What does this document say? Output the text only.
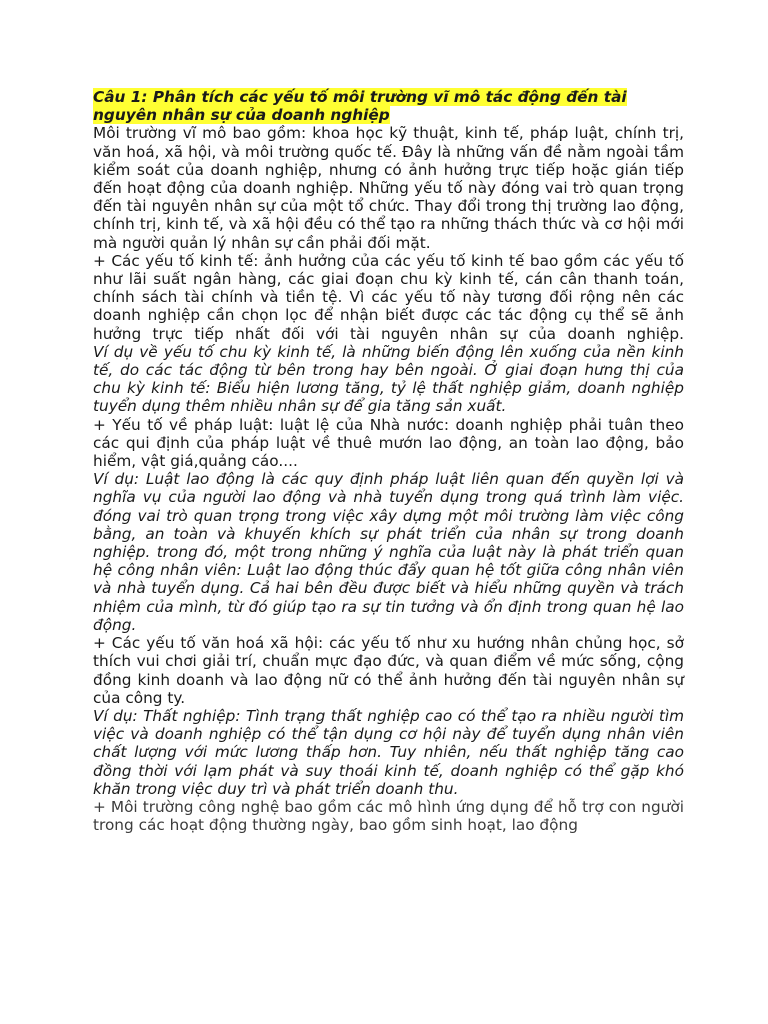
Câu 1: Phân tích các yếu tố môi trường vĩ mô tác động đến tài
nguyên nhân sự của doanh nghiệp

Môi trường vĩ mô bao gồm: khoa học kỹ thuật, kinh tế, pháp luật, chính trị, văn hoá, xã hội, và môi trường quốc tế. Đây là những vấn đề nằm ngoài tầm kiểm soát của doanh nghiệp, nhưng có ảnh hưởng trực tiếp hoặc gián tiếp đến hoạt động của doanh nghiệp. Những yếu tố này đóng vai trò quan trọng đến tài nguyên nhân sự của một tổ chức. Thay đổi trong thị trường lao động, chính trị, kinh tế, và xã hội đều có thể tạo ra những thách thức và cơ hội mới mà người quản lý nhân sự cần phải đối mặt.

+ Các yếu tố kinh tế: ảnh hưởng của các yếu tố kinh tế bao gồm các yếu tố như lãi suất ngân hàng, các giai đoạn chu kỳ kinh tế, cán cân thanh toán, chính sách tài chính và tiền tệ. Vì các yếu tố này tương đối rộng nên các doanh nghiệp cần chọn lọc để nhận biết được các tác động cụ thể sẽ ảnh hưởng trực tiếp nhất đối với tài nguyên nhân sự của doanh nghiệp.

Ví dụ về yếu tố chu kỳ kinh tế, là những biến động lên xuống của nền kinh tế, do các tác động từ bên trong hay bên ngoài. Ở giai đoạn hưng thị của chu kỳ kinh tế: Biểu hiện lương tăng, tỷ lệ thất nghiệp giảm, doanh nghiệp tuyển dụng thêm nhiều nhân sự để gia tăng sản xuất.

+ Yếu tố về pháp luật: luật lệ của Nhà nước: doanh nghiệp phải tuân theo các qui định của pháp luật về thuê mướn lao động, an toàn lao động, bảo hiểm, vật giá,quảng cáo....

Ví dụ: Luật lao động là các quy định pháp luật liên quan đến quyền lợi và nghĩa vụ của người lao động và nhà tuyển dụng trong quá trình làm việc. đóng vai trò quan trọng trong việc xây dựng một môi trường làm việc công bằng, an toàn và khuyến khích sự phát triển của nhân sự trong doanh nghiệp. trong đó, một trong những ý nghĩa của luật này là phát triển quan hệ công nhân viên: Luật lao động thúc đẩy quan hệ tốt giữa công nhân viên và nhà tuyển dụng. Cả hai bên đều được biết và hiểu những quyền và trách nhiệm của mình, từ đó giúp tạo ra sự tin tưởng và ổn định trong quan hệ lao động.

+ Các yếu tố văn hoá xã hội: các yếu tố như xu hướng nhân chủng học, sở thích vui chơi giải trí, chuẩn mực đạo đức, và quan điểm về mức sống, cộng đồng kinh doanh và lao động nữ có thể ảnh hưởng đến tài nguyên nhân sự của công ty.

Ví dụ: Thất nghiệp: Tình trạng thất nghiệp cao có thể tạo ra nhiều người tìm việc và doanh nghiệp có thể tận dụng cơ hội này để tuyển dụng nhân viên chất lượng với mức lương thấp hơn. Tuy nhiên, nếu thất nghiệp tăng cao đồng thời với lạm phát và suy thoái kinh tế, doanh nghiệp có thể gặp khó khăn trong việc duy trì và phát triển doanh thu.

+ Môi trường công nghệ bao gồm các mô hình ứng dụng để hỗ trợ con người trong các hoạt động thường ngày, bao gồm sinh hoạt, lao động
